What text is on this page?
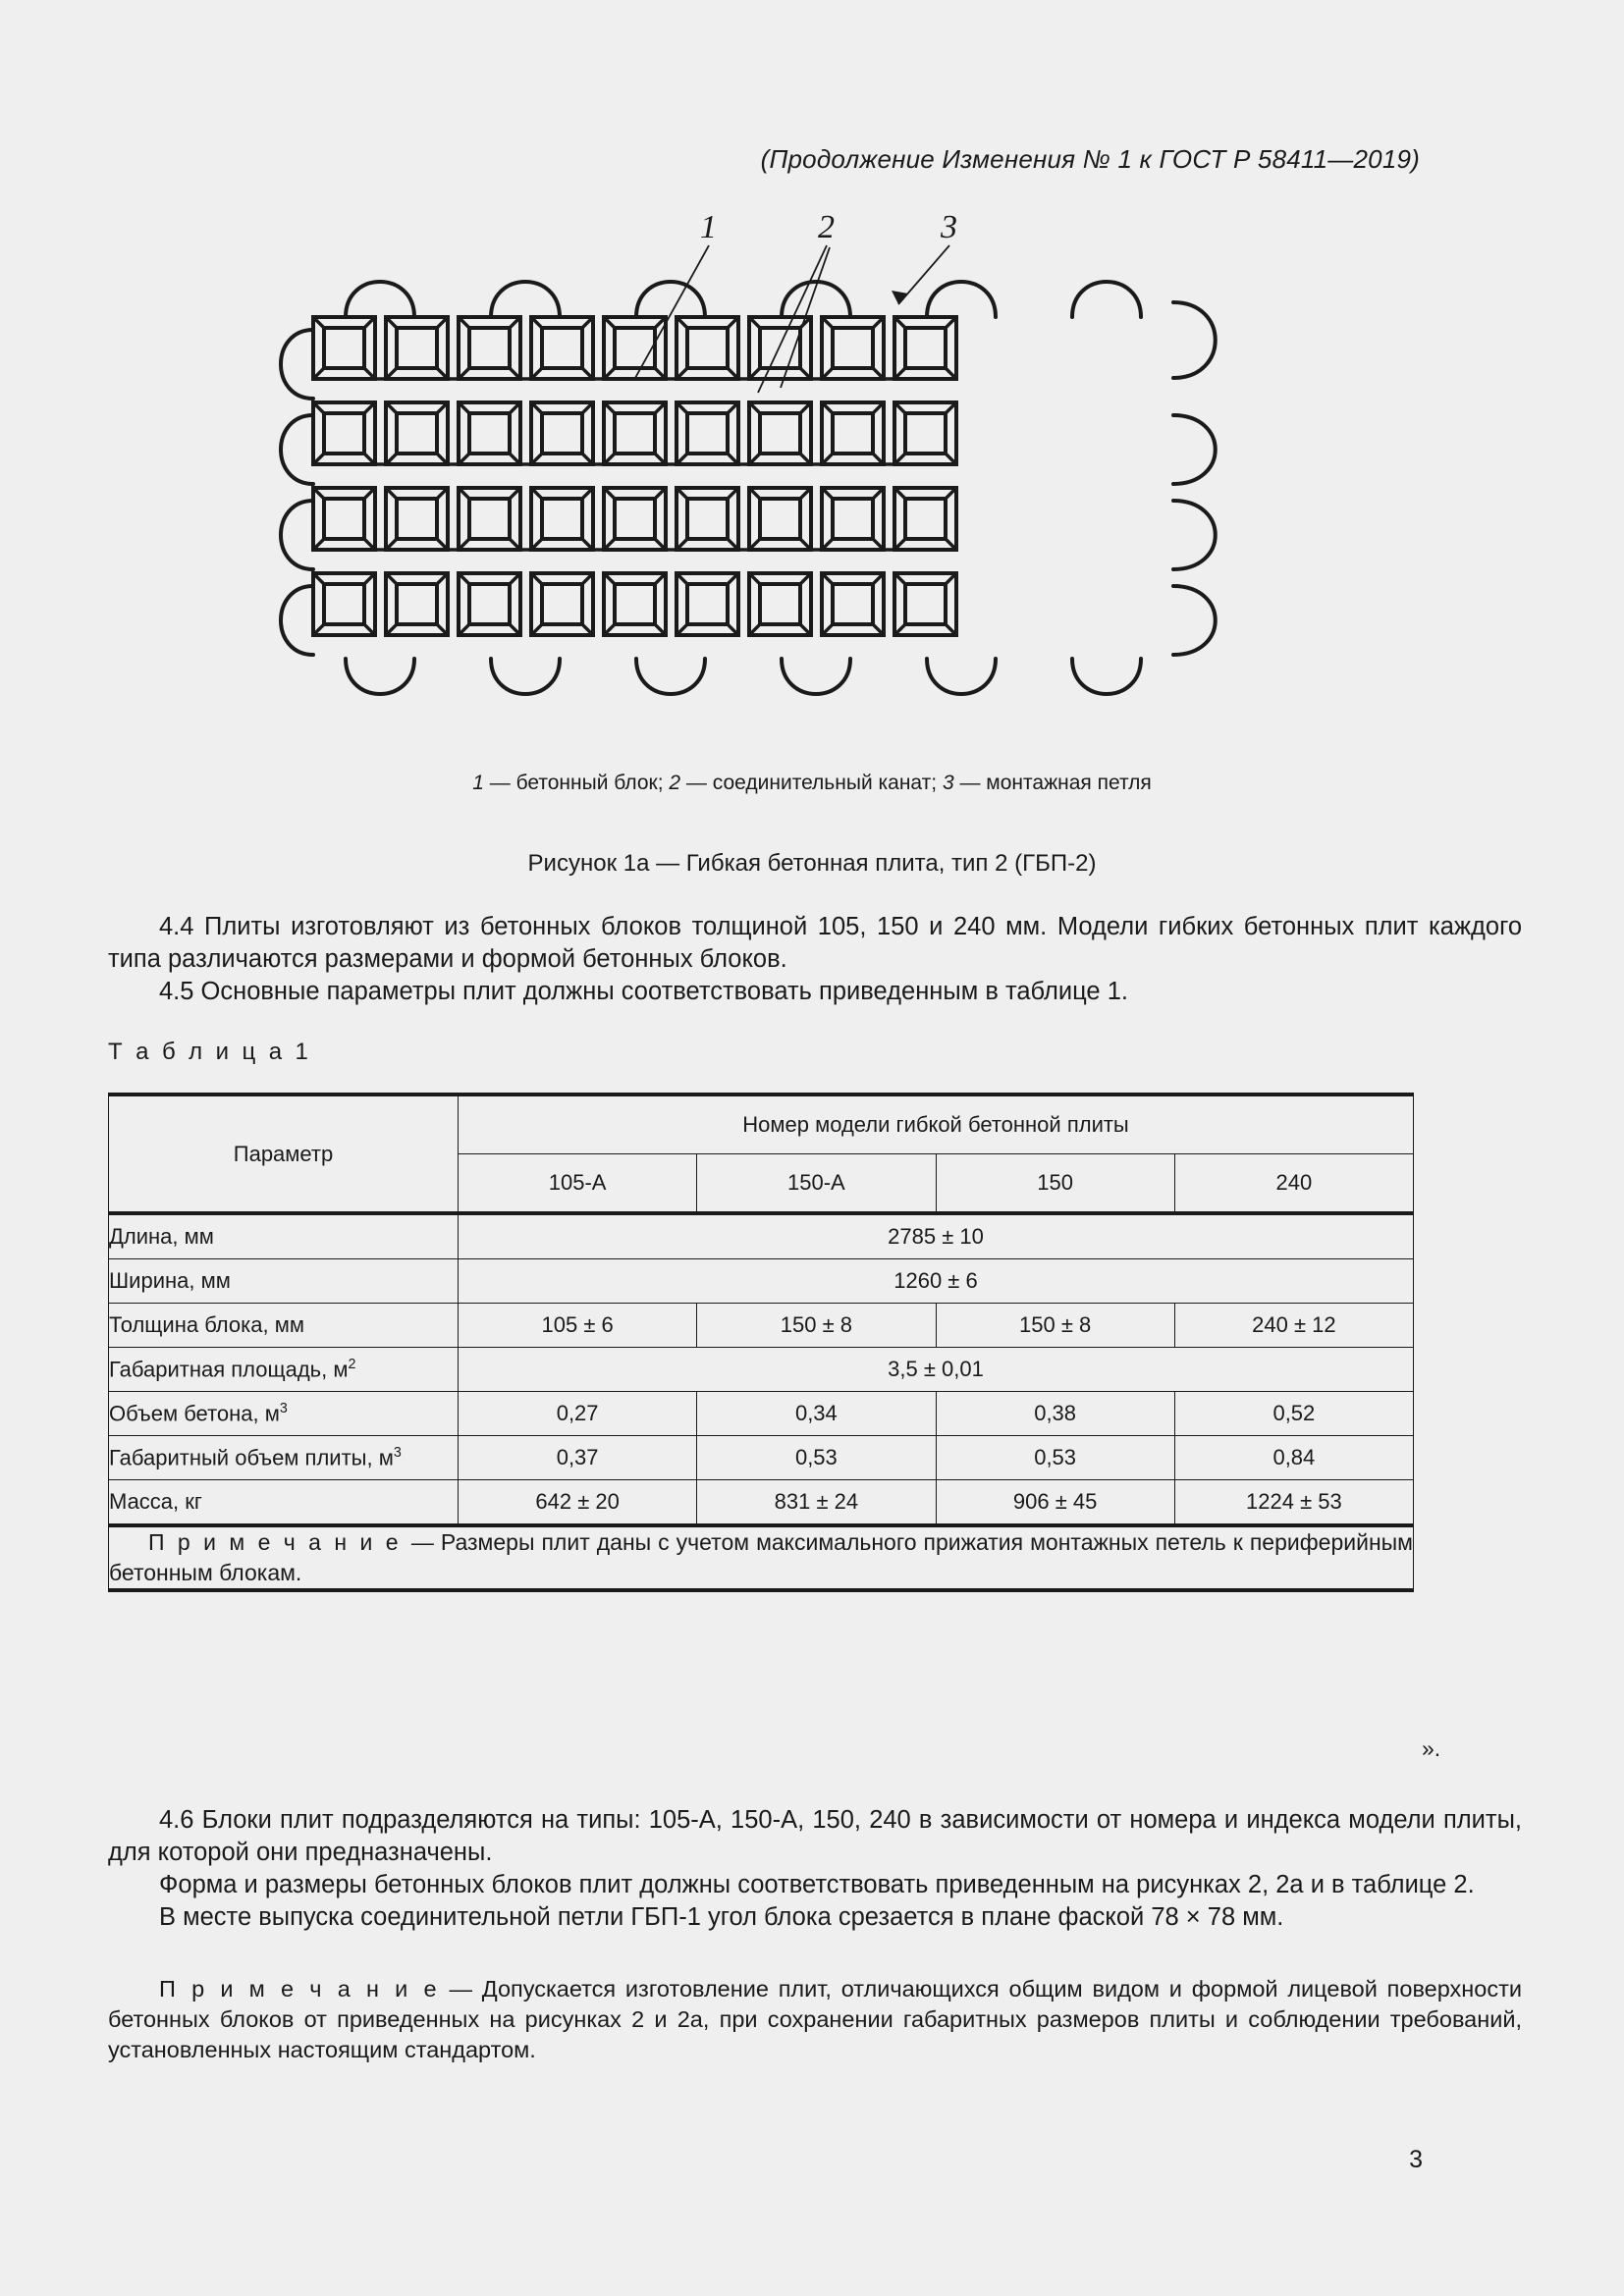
(Продолжение Изменения № 1 к ГОСТ Р 58411—2019)
1	2	3
1 — бетонный блок; 2 — соединительный канат; 3 — монтажная петля
Рисунок 1а — Гибкая бетонная плита, тип 2 (ГБП-2)

4.4 Плиты изготовляют из бетонных блоков толщиной 105, 150 и 240 мм. Модели гибких бетонных плит каждого типа различаются размерами и формой бетонных блоков.

4.5 Основные параметры плит должны соответствовать приведенным в таблице 1.

Т а б л и ц а 1
Параметр	Номер модели гибкой бетонной плиты			
	105-А	150-А	150	240
Длина, мм	2785 ± 10			
Ширина, мм	1260 ± 6			
Толщина блока, мм	105 ± 6	150 ± 8	150 ± 8	240 ± 12
Габаритная площадь, $м^2$	3,5 ± 0,01			
Объем бетона, $м^3$	0,27	0,34	0,38	0,52
Габаритный объем плиты, $м^3$	0,37	0,53	0,53	0,84
Масса, кг	642 ± 20	831 ± 24	906 ± 45	1224 ± 53

П р и м е ч а н и е — Размеры плит даны с учетом максимального прижатия монтажных петель к периферийным бетонным блокам.				
».

4.6 Блоки плит подразделяются на типы: 105-А, 150-А, 150, 240 в зависимости от номера и индекса модели плиты, для которой они предназначены.

Форма и размеры бетонных блоков плит должны соответствовать приведенным на рисунках 2, 2а и в таблице 2.

В месте выпуска соединительной петли ГБП-1 угол блока срезается в плане фаской 78 × 78 мм.

П р и м е ч а н и е — Допускается изготовление плит, отличающихся общим видом и формой лицевой поверхности бетонных блоков от приведенных на рисунках 2 и 2а, при сохранении габаритных размеров плиты и соблюдении требований, установленных настоящим стандартом.

3
